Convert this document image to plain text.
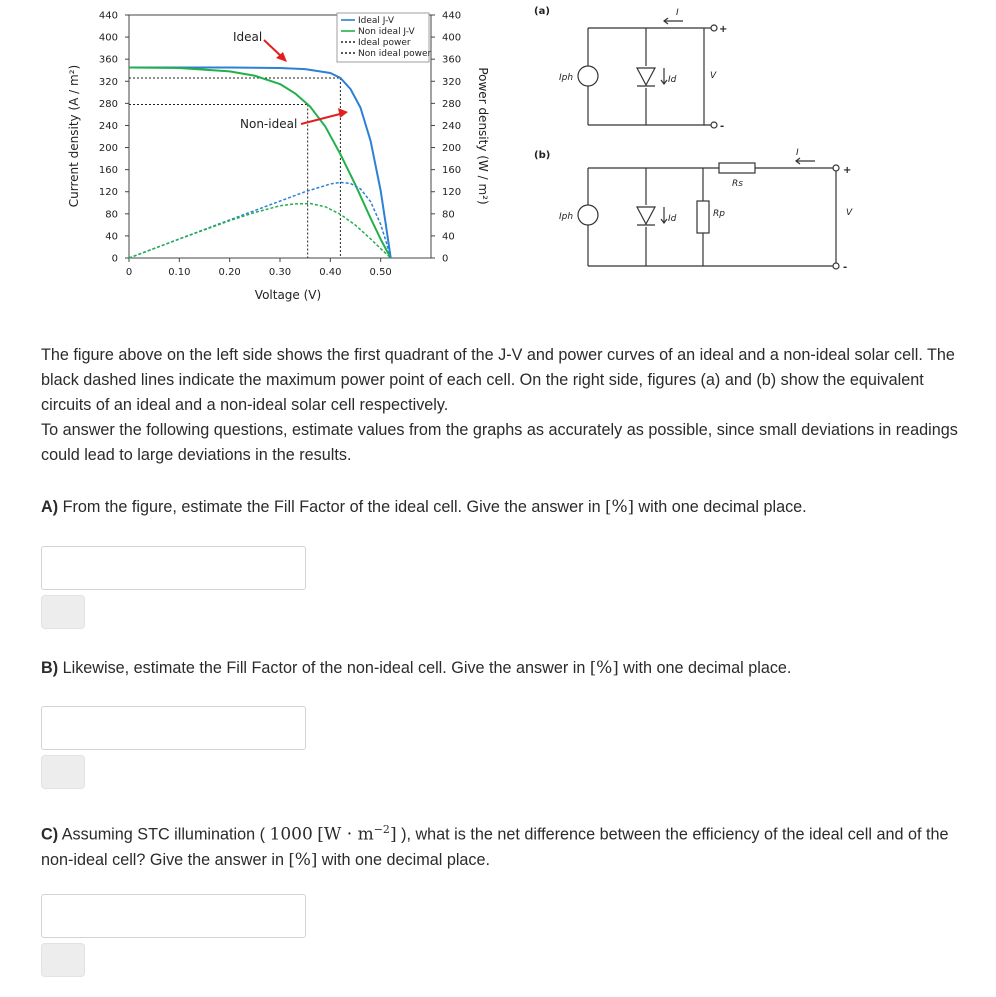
440
400
360
320
280
240
200
160
120
80
40
0
440
400
360
320
280
240
200
160
120
80
40
0
0	0.10	0.20	0.30	0.40	0.50
Voltage (V)
Current density (A / m²)	Power density (W / m²)
Ideal
Non-ideal
Ideal J-V
Non ideal J-V
Ideal power
Non ideal power
(a)	I
Iph	Id	V
+
-
(b)	I
Iph	Id
Rs
Rp	V
+
-
The figure above on the left side shows the first quadrant of the J-V and power curves of an ideal and a non-ideal solar cell. The black dashed lines indicate the maximum power point of each cell. On the right side, figures (a) and (b) show the equivalent circuits of an ideal and a non-ideal solar cell respectively.
To answer the following questions, estimate values from the graphs as accurately as possible, since small deviations in readings could lead to large deviations in the results.
A) From the figure, estimate the Fill Factor of the ideal cell. Give the answer in [%] with one decimal place.
B) Likewise, estimate the Fill Factor of the non-ideal cell. Give the answer in [%] with one decimal place.
C) Assuming STC illumination ( 1000 $[W \cdot m^{-2}]$ ), what is the net difference between the efficiency of the ideal cell and of the non-ideal cell? Give the answer in [%] with one decimal place.
